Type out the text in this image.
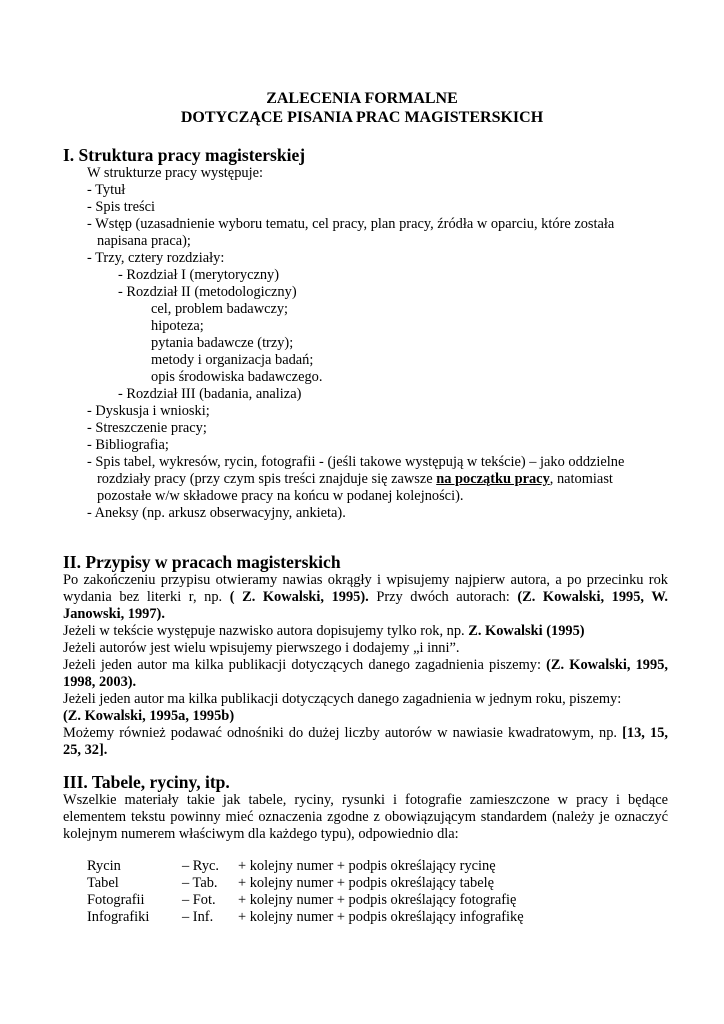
ZALECENIA FORMALNE
DOTYCZĄCE PISANIA PRAC MAGISTERSKICH
I. Struktura pracy magisterskiej
W strukturze pracy występuje:
- Tytuł
- Spis treści
- Wstęp (uzasadnienie wyboru tematu, cel pracy, plan pracy, źródła w oparciu, które została
napisana praca);
- Trzy, cztery rozdziały:
- Rozdział I (merytoryczny)
- Rozdział II (metodologiczny)
cel, problem badawczy;
hipoteza;
pytania badawcze (trzy);
metody i organizacja badań;
opis środowiska badawczego.
- Rozdział III (badania, analiza)
- Dyskusja i wnioski;
- Streszczenie pracy;
- Bibliografia;
- Spis tabel, wykresów, rycin, fotografii - (jeśli takowe występują w tekście) – jako oddzielne
rozdziały pracy (przy czym spis treści znajduje się zawsze na początku pracy, natomiast
pozostałe w/w składowe pracy na końcu w podanej kolejności).
- Aneksy (np. arkusz obserwacyjny, ankieta).
II. Przypisy w pracach magisterskich
Po zakończeniu przypisu otwieramy nawias okrągły i wpisujemy najpierw autora, a po przecinku rok wydania bez literki r, np. ( Z. Kowalski, 1995). Przy dwóch autorach: (Z. Kowalski, 1995, W. Janowski, 1997).
Jeżeli w tekście występuje nazwisko autora dopisujemy tylko rok, np. Z. Kowalski (1995)
Jeżeli autorów jest wielu wpisujemy pierwszego i dodajemy „i inni”.
Jeżeli jeden autor ma kilka publikacji dotyczących danego zagadnienia piszemy: (Z. Kowalski, 1995, 1998, 2003).
Jeżeli jeden autor ma kilka publikacji dotyczących danego zagadnienia w jednym roku, piszemy:
(Z. Kowalski, 1995a, 1995b)
Możemy również podawać odnośniki do dużej liczby autorów w nawiasie kwadratowym, np. [13, 15, 25, 32].
III. Tabele, ryciny, itp.
Wszelkie materiały takie jak tabele, ryciny, rysunki i fotografie zamieszczone w pracy i będące elementem tekstu powinny mieć oznaczenia zgodne z obowiązującym standardem (należy je oznaczyć kolejnym numerem właściwym dla każdego typu), odpowiednio dla:
Rycin	– Ryc. + kolejny numer + podpis określający rycinę
Tabel	– Tab. + kolejny numer + podpis określający tabelę
Fotografii	– Fot. + kolejny numer + podpis określający fotografię
Infografiki – Inf. + kolejny numer + podpis określający infografikę
